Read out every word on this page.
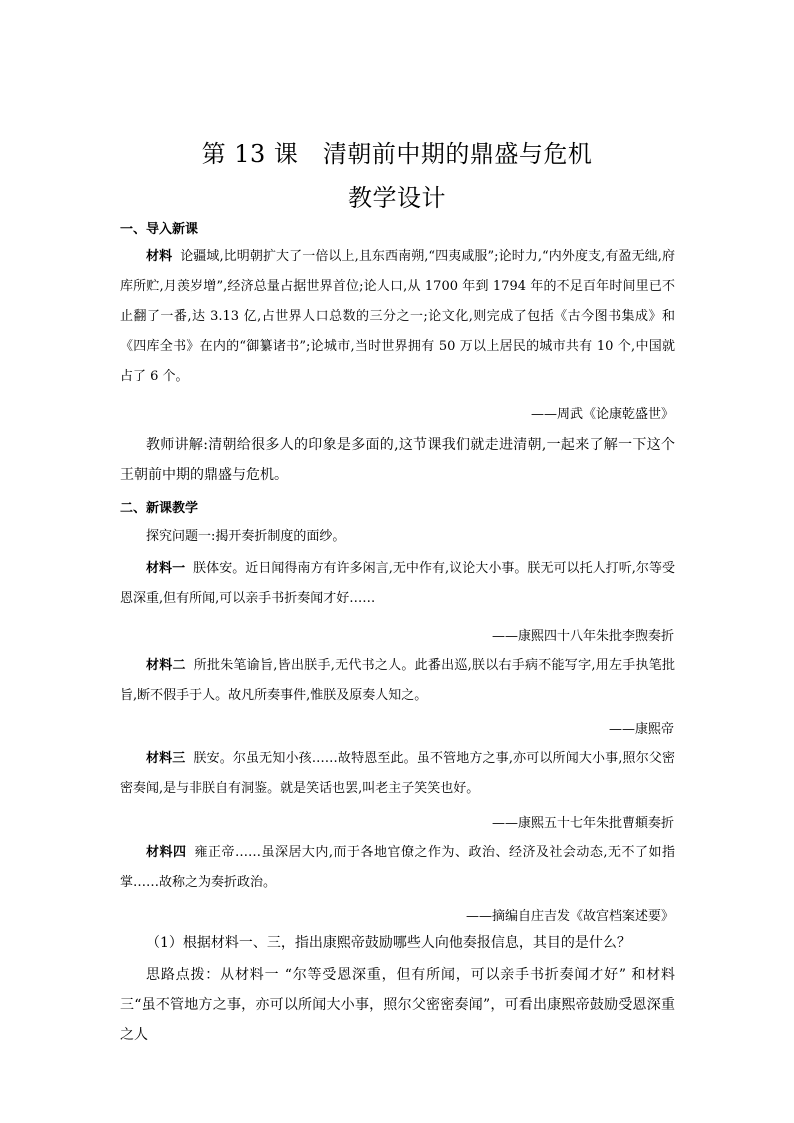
第 13 课　清朝前中期的鼎盛与危机
教学设计
一、导入新课
材料 论疆域,比明朝扩大了一倍以上,且东西南朔,“四夷咸服”;论时力,“内外度支,有盈无绌,府库所贮,月羡岁增”,经济总量占据世界首位;论人口,从 1700 年到 1794 年的不足百年时间里已不止翻了一番,达 3.13 亿,占世界人口总数的三分之一;论文化,则完成了包括《古今图书集成》和《四库全书》在内的“御纂诸书”;论城市,当时世界拥有 50 万以上居民的城市共有 10 个,中国就占了 6 个。
——周武《论康乾盛世》
教师讲解:清朝给很多人的印象是多面的,这节课我们就走进清朝,一起来了解一下这个王朝前中期的鼎盛与危机。
二、新课教学
探究问题一:揭开奏折制度的面纱。
材料一 朕体安。近日闻得南方有许多闲言,无中作有,议论大小事。朕无可以托人打听,尔等受恩深重,但有所闻,可以亲手书折奏闻才好……
——康熙四十八年朱批李煦奏折
材料二 所批朱笔谕旨,皆出朕手,无代书之人。此番出巡,朕以右手病不能写字,用左手执笔批旨,断不假手于人。故凡所奏事件,惟朕及原奏人知之。
——康熙帝
材料三 朕安。尔虽无知小孩……故特恩至此。虽不管地方之事,亦可以所闻大小事,照尔父密密奏闻,是与非朕自有洞鉴。就是笑话也罢,叫老主子笑笑也好。
——康熙五十七年朱批曹頫奏折
材料四 雍正帝……虽深居大内,而于各地官僚之作为、政治、经济及社会动态,无不了如指掌……故称之为奏折政治。
——摘编自庄吉发《故宫档案述要》
（1）根据材料一、三，指出康熙帝鼓励哪些人向他奏报信息，其目的是什么？
思路点拨：从材料一 “尔等受恩深重，但有所闻，可以亲手书折奏闻才好” 和材料三“虽不管地方之事，亦可以所闻大小事，照尔父密密奏闻”，可看出康熙帝鼓励受恩深重之人
